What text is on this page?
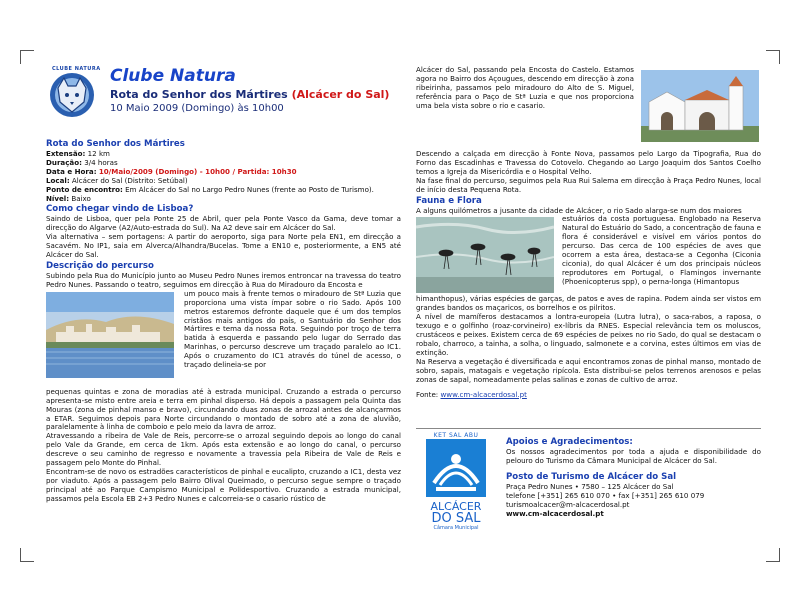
CLUBE NATURA Clube Natura
Rota do Senhor dos Mártires (Alcácer do Sal)
10 Maio 2009 (Domingo) às 10h00
Rota do Senhor dos Mártires

Extensão: 12 km

Duração: 3/4 horas

Data e Hora: 10/Maio/2009 (Domingo) - 10h00 / Partida: 10h30

Local: Alcácer do Sal (Distrito: Setúbal)

Ponto de encontro: Em Alcácer do Sal no Largo Pedro Nunes (frente ao Posto de Turismo).

Nível: Baixo

Como chegar vindo de Lisboa?

Saindo de Lisboa, quer pela Ponte 25 de Abril, quer pela Ponte Vasco da Gama, deve tomar a direcção do Algarve (A2/Auto-estrada do Sul). Na A2 deve sair em Alcácer do Sal.

Via alternativa – sem portagens: A partir do aeroporto, siga para Norte pela EN1, em direcção a Sacavém. No IP1, saia em Alverca/Alhandra/Bucelas. Tome a EN10 e, posteriormente, a EN5 até Alcácer do Sal.

Descrição do percurso

Subindo pela Rua do Município junto ao Museu Pedro Nunes iremos entroncar na travessa do teatro Pedro Nunes. Passando o teatro, seguimos em direcção à Rua do Miradouro da Encosta e

um pouco mais à frente temos o miradouro de Stª Luzia que proporciona uma vista ímpar sobre o rio Sado. Após 100 metros estaremos defronte daquele que é um dos templos cristãos mais antigos do país, o Santuário do Senhor dos Mártires e tema da nossa Rota. Seguindo por troço de terra batida à esquerda e passando pelo lugar do Serrado das Marinhas, o percurso descreve um traçado paralelo ao IC1. Após o cruzamento do IC1 através do túnel de acesso, o traçado delineia-se por

pequenas quintas e zona de moradias até à estrada municipal. Cruzando a estrada o percurso apresenta-se misto entre areia e terra em pinhal disperso. Há depois a passagem pela Quinta das Mouras (zona de pinhal manso e bravo), circundando duas zonas de arrozal antes de alcançarmos a ETAR. Seguimos depois para Norte circundando o montado de sobro até a zona de aluvião, paralelamente à linha de comboio e pelo meio da lavra de arroz.

Atravessando a ribeira de Vale de Reis, percorre-se o arrozal seguindo depois ao longo do canal pelo Vale da Grande, em cerca de 1km. Após esta extensão e ao longo do canal, o percurso descreve o seu caminho de regresso e novamente a travessia pela Ribeira de Vale de Reis e passagem pelo Monte do Pinhal.

Encontram-se de novo os estradões característicos de pinhal e eucalipto, cruzando a IC1, desta vez por viaduto. Após a passagem pelo Bairro Olival Queimado, o percurso segue sempre o traçado principal até ao Parque Campismo Municipal e Polidesportivo. Cruzando a estrada municipal, passamos pela Escola EB 2+3 Pedro Nunes e calcorreia-se o casario rústico de

Alcácer do Sal, passando pela Encosta do Castelo. Estamos agora no Bairro dos Açougues, descendo em direcção à zona ribeirinha, passamos pelo miradouro do Alto de S. Miguel, referência para o Paço de Stª Luzia e que nos proporciona uma bela vista sobre o rio e casario.

Descendo a calçada em direcção à Fonte Nova, passamos pelo Largo da Tipografia, Rua do Forno das Escadinhas e Travessa do Cotovelo. Chegando ao Largo Joaquim dos Santos Coelho temos a Igreja da Misericórdia e o Hospital Velho.

Na fase final do percurso, seguimos pela Rua Rui Salema em direcção à Praça Pedro Nunes, local de início desta Pequena Rota.

Fauna e Flora

A alguns quilómetros a jusante da cidade de Alcácer, o rio Sado alarga-se num dos maiores

estuários da costa portuguesa. Englobado na Reserva Natural do Estuário do Sado, a concentração de fauna e flora é considerável e visível em vários pontos do percurso. Das cerca de 100 espécies de aves que ocorrem a esta área, destaca-se a Cegonha (Ciconia ciconia), do qual Alcácer é um dos principais núcleos reprodutores em Portugal, o Flamingos invernante (Phoenicopterus spp), o perna-longa (Himantopus

himanthopus), várias espécies de garças, de patos e aves de rapina. Podem ainda ser vistos em grandes bandos os maçaricos, os borrelhos e os pilritos.

A nível de mamíferos destacamos a lontra-europeia (Lutra lutra), o saca-rabos, a raposa, o texugo e o golfinho (roaz-corvineiro) ex-líbris da RNES. Especial relevância tem os moluscos, crustáceos e peixes. Existem cerca de 69 espécies de peixes no rio Sado, do qual se destacam o robalo, charroco, a tainha, a solha, o linguado, salmonete e a corvina, estes últimos em vias de extinção.

Na Reserva a vegetação é diversificada e aqui encontramos zonas de pinhal manso, montado de sobro, sapais, matagais e vegetação ripícola. Esta distribui-se pelos terrenos arenosos e pelas zonas de sapal, nomeadamente pelas salinas e zonas de cultivo de arroz.

Fonte: www.cm-alcacerdosal.pt

KET SAL ABU
ALCÁCER
DO SAL
Câmara Municipal
Apoios e Agradecimentos:

Os nossos agradecimentos por toda a ajuda e disponibilidade do pelouro do Turismo da Câmara Municipal de Alcácer do Sal.

Posto de Turismo de Alcácer do Sal

Praça Pedro Nunes • 7580 – 125 Alcácer do Sal

telefone [+351] 265 610 070 • fax [+351] 265 610 079

turismoalcacer@m-alcacerdosal.pt

www.cm-alcacerdosal.pt
